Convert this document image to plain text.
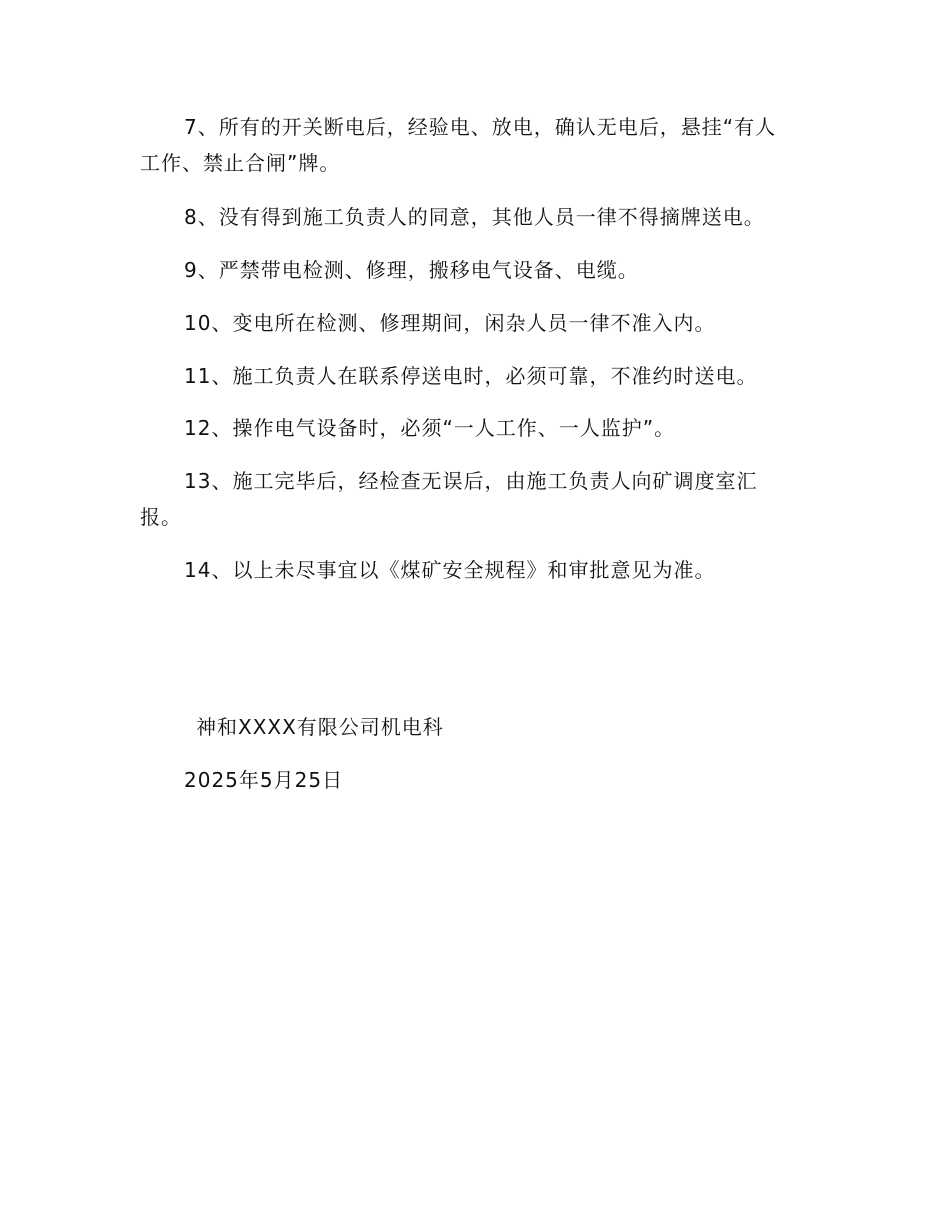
7、所有的开关断电后，经验电、放电，确认无电后，悬挂“有人
工作、禁止合闸”牌。
8、没有得到施工负责人的同意，其他人员一律不得摘牌送电。
9、严禁带电检测、修理，搬移电气设备、电缆。
10、变电所在检测、修理期间，闲杂人员一律不准入内。
11、施工负责人在联系停送电时，必须可靠，不准约时送电。
12、操作电气设备时，必须“一人工作、一人监护”。
13、施工完毕后，经检查无误后，由施工负责人向矿调度室汇
报。
14、以上未尽事宜以《煤矿安全规程》和审批意见为准。
神和XXXX有限公司机电科
2025年5月25日
